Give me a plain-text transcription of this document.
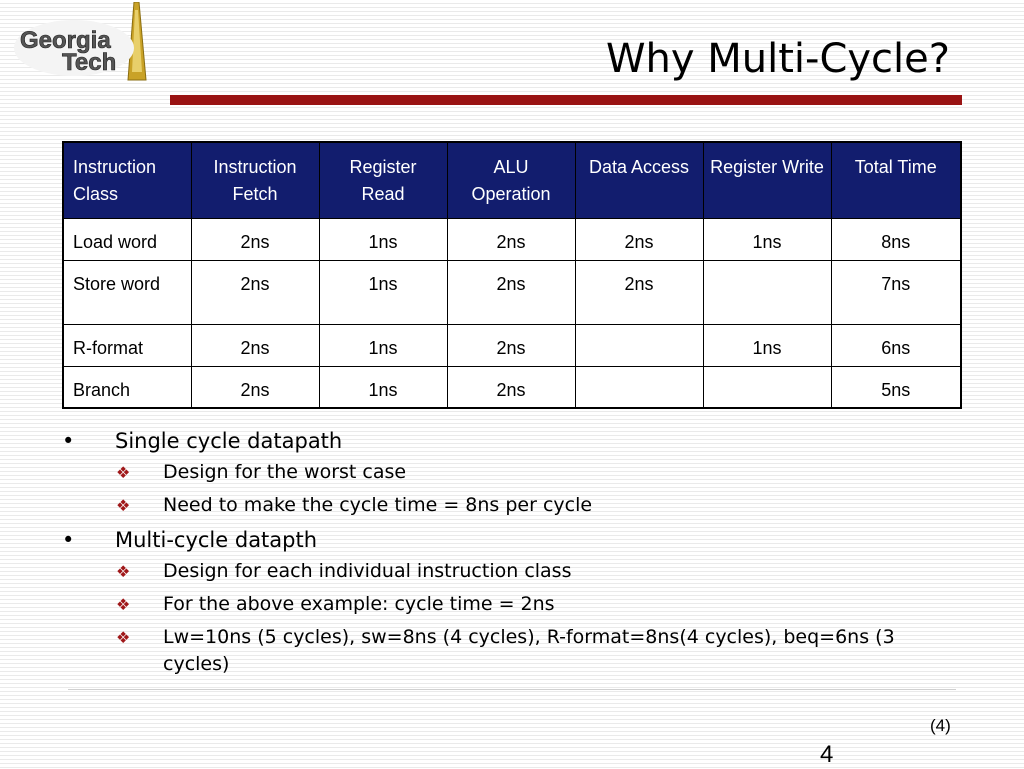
Georgia
Tech	Why Multi-Cycle?
Instruction Class	Instruction Fetch	Register Read	ALU Operation	Data Access	Register Write	Total Time
Load word	2ns	1ns	2ns	2ns	1ns	8ns
Store word	2ns	1ns	2ns	2ns		7ns
R-format	2ns	1ns	2ns		1ns	6ns
Branch	2ns	1ns	2ns			5ns
• Single cycle datapath
❖ Design for the worst case
❖ Need to make the cycle time = 8ns per cycle
• Multi-cycle datapth
❖ Design for each individual instruction class
❖ For the above example: cycle time = 2ns
❖ Lw=10ns (5 cycles), sw=8ns (4 cycles), R-format=8ns(4 cycles), beq=6ns (3 cycles)
(4)
4
